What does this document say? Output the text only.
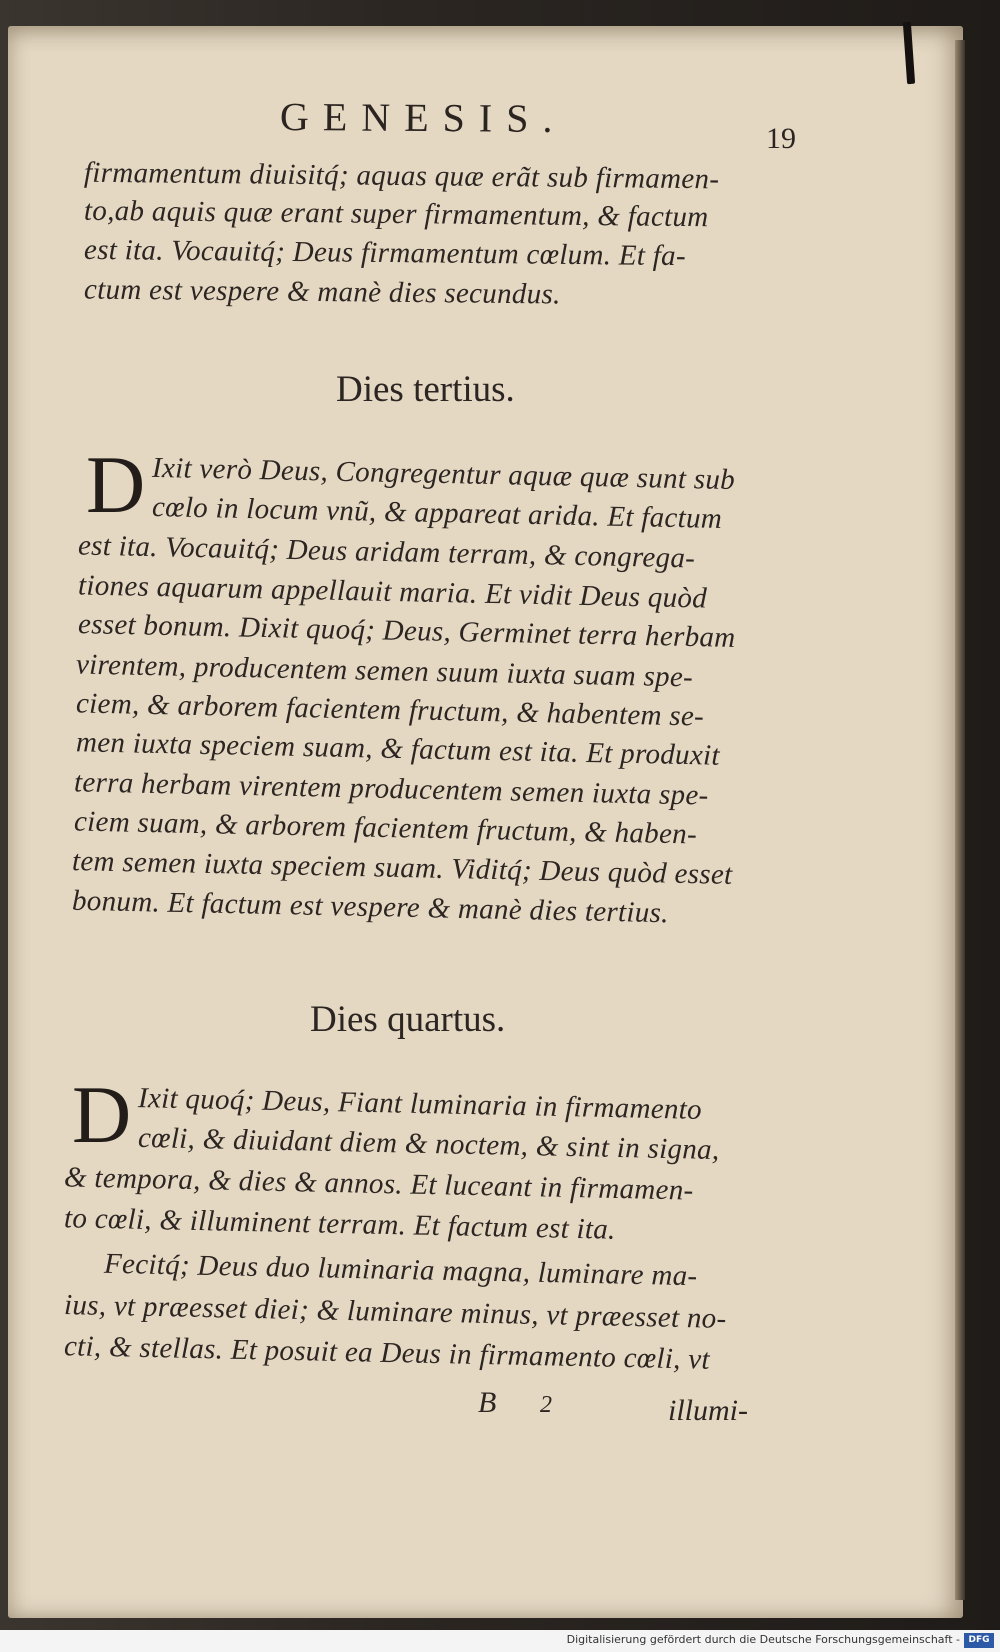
GENESIS.	19
firmamentum diuisitq́; aquas quæ erãt sub firmamen-
to,ab aquis quæ erant super firmamentum, & factum
est ita. Vocauitq́; Deus firmamentum cœlum. Et fa-
ctum est vespere & manè dies secundus.
Dies tertius.
D Ixit verò Deus, Congregentur aquæ quæ sunt sub
cœlo in locum vnũ, & appareat arida. Et factum
est ita. Vocauitq́; Deus aridam terram, & congrega-
tiones aquarum appellauit maria. Et vidit Deus quòd
esset bonum. Dixit quoq́; Deus, Germinet terra herbam
virentem, producentem semen suum iuxta suam spe-
ciem, & arborem facientem fructum, & habentem se-
men iuxta speciem suam, & factum est ita. Et produxit
terra herbam virentem producentem semen iuxta spe-
ciem suam, & arborem facientem fructum, & haben-
tem semen iuxta speciem suam. Viditq́; Deus quòd esset
bonum. Et factum est vespere & manè dies tertius.
Dies quartus.
D Ixit quoq́; Deus, Fiant luminaria in firmamento
cœli, & diuidant diem & noctem, & sint in signa,
& tempora, & dies & annos. Et luceant in firmamen-
to cœli, & illuminent terram. Et factum est ita.
Fecitq́; Deus duo luminaria magna, luminare ma-
ius, vt præesset diei; & luminare minus, vt præesset no-
cti, & stellas. Et posuit ea Deus in firmamento cœli, vt
B 2	illumi-
Digitalisierung gefördert durch die Deutsche Forschungsgemeinschaft - DFG
